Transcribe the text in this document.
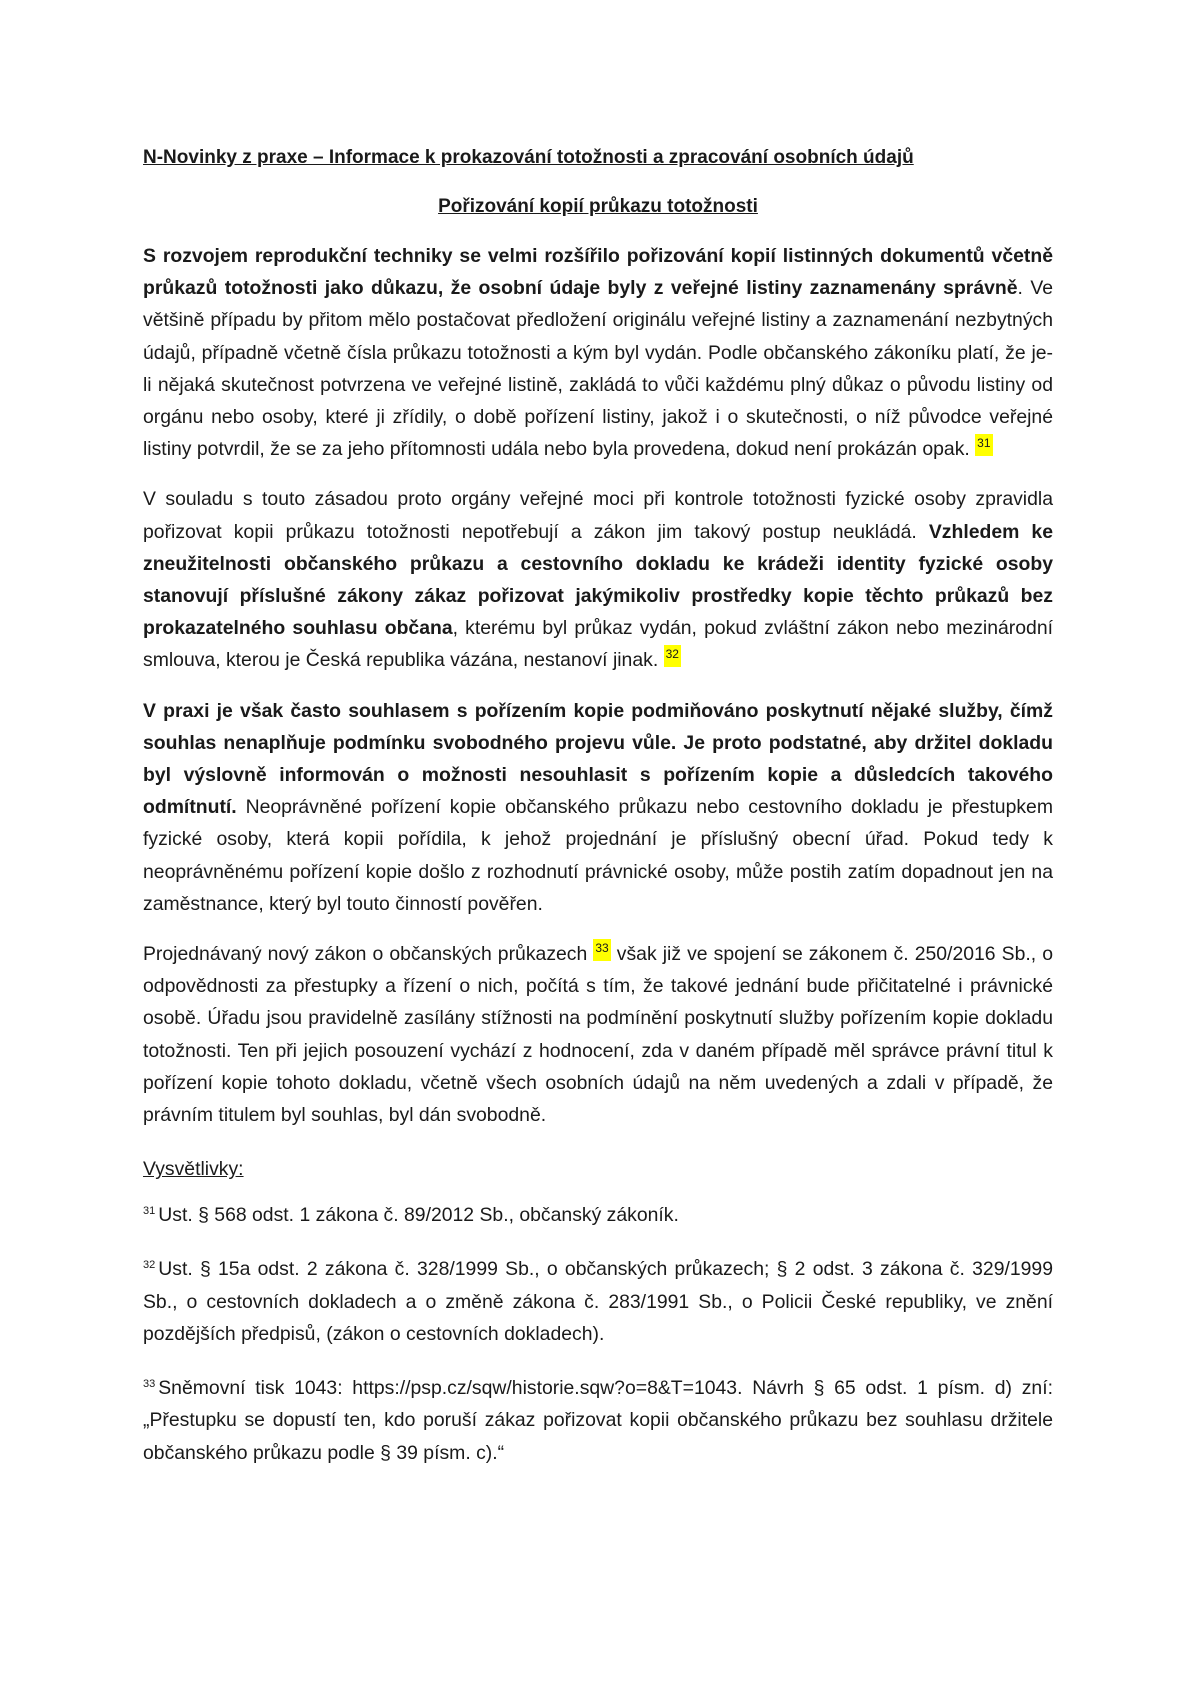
N-Novinky z praxe – Informace k prokazování totožnosti a zpracování osobních údajů
Pořizování kopií průkazu totožnosti

S rozvojem reprodukční techniky se velmi rozšířilo pořizování kopií listinných dokumentů včetně průkazů totožnosti jako důkazu, že osobní údaje byly z veřejné listiny zaznamenány správně. Ve většině případu by přitom mělo postačovat předložení originálu veřejné listiny a zaznamenání nezbytných údajů, případně včetně čísla průkazu totožnosti a kým byl vydán. Podle občanského zákoníku platí, že je-li nějaká skutečnost potvrzena ve veřejné listině, zakládá to vůči každému plný důkaz o původu listiny od orgánu nebo osoby, které ji zřídily, o době pořízení listiny, jakož i o skutečnosti, o níž původce veřejné listiny potvrdil, že se za jeho přítomnosti udála nebo byla provedena, dokud není prokázán opak. 31

V souladu s touto zásadou proto orgány veřejné moci při kontrole totožnosti fyzické osoby zpravidla pořizovat kopii průkazu totožnosti nepotřebují a zákon jim takový postup neukládá. Vzhledem ke zneužitelnosti občanského průkazu a cestovního dokladu ke krádeži identity fyzické osoby stanovují příslušné zákony zákaz pořizovat jakýmikoliv prostředky kopie těchto průkazů bez prokazatelného souhlasu občana, kterému byl průkaz vydán, pokud zvláštní zákon nebo mezinárodní smlouva, kterou je Česká republika vázána, nestanoví jinak. 32

V praxi je však často souhlasem s pořízením kopie podmiňováno poskytnutí nějaké služby, čímž souhlas nenaplňuje podmínku svobodného projevu vůle. Je proto podstatné, aby držitel dokladu byl výslovně informován o možnosti nesouhlasit s pořízením kopie a důsledcích takového odmítnutí. Neoprávněné pořízení kopie občanského průkazu nebo cestovního dokladu je přestupkem fyzické osoby, která kopii pořídila, k jehož projednání je příslušný obecní úřad. Pokud tedy k neoprávněnému pořízení kopie došlo z rozhodnutí právnické osoby, může postih zatím dopadnout jen na zaměstnance, který byl touto činností pověřen.

Projednávaný nový zákon o občanských průkazech 33 však již ve spojení se zákonem č. 250/2016 Sb., o odpovědnosti za přestupky a řízení o nich, počítá s tím, že takové jednání bude přičitatelné i právnické osobě. Úřadu jsou pravidelně zasílány stížnosti na podmínění poskytnutí služby pořízením kopie dokladu totožnosti. Ten při jejich posouzení vychází z hodnocení, zda v daném případě měl správce právní titul k pořízení kopie tohoto dokladu, včetně všech osobních údajů na něm uvedených a zdali v případě, že právním titulem byl souhlas, byl dán svobodně.

Vysvětlivky:

$^{31}$ Ust. § 568 odst. 1 zákona č. 89/2012 Sb., občanský zákoník.

$^{32}$ Ust. § 15a odst. 2 zákona č. 328/1999 Sb., o občanských průkazech; § 2 odst. 3 zákona č. 329/1999 Sb., o cestovních dokladech a o změně zákona č. 283/1991 Sb., o Policii České republiky, ve znění pozdějších předpisů, (zákon o cestovních dokladech).

$^{33}$ Sněmovní tisk 1043: https://psp.cz/sqw/historie.sqw?o=8&T=1043. Návrh § 65 odst. 1 písm. d) zní: „Přestupku se dopustí ten, kdo poruší zákaz pořizovat kopii občanského průkazu bez souhlasu držitele občanského průkazu podle § 39 písm. c).“
